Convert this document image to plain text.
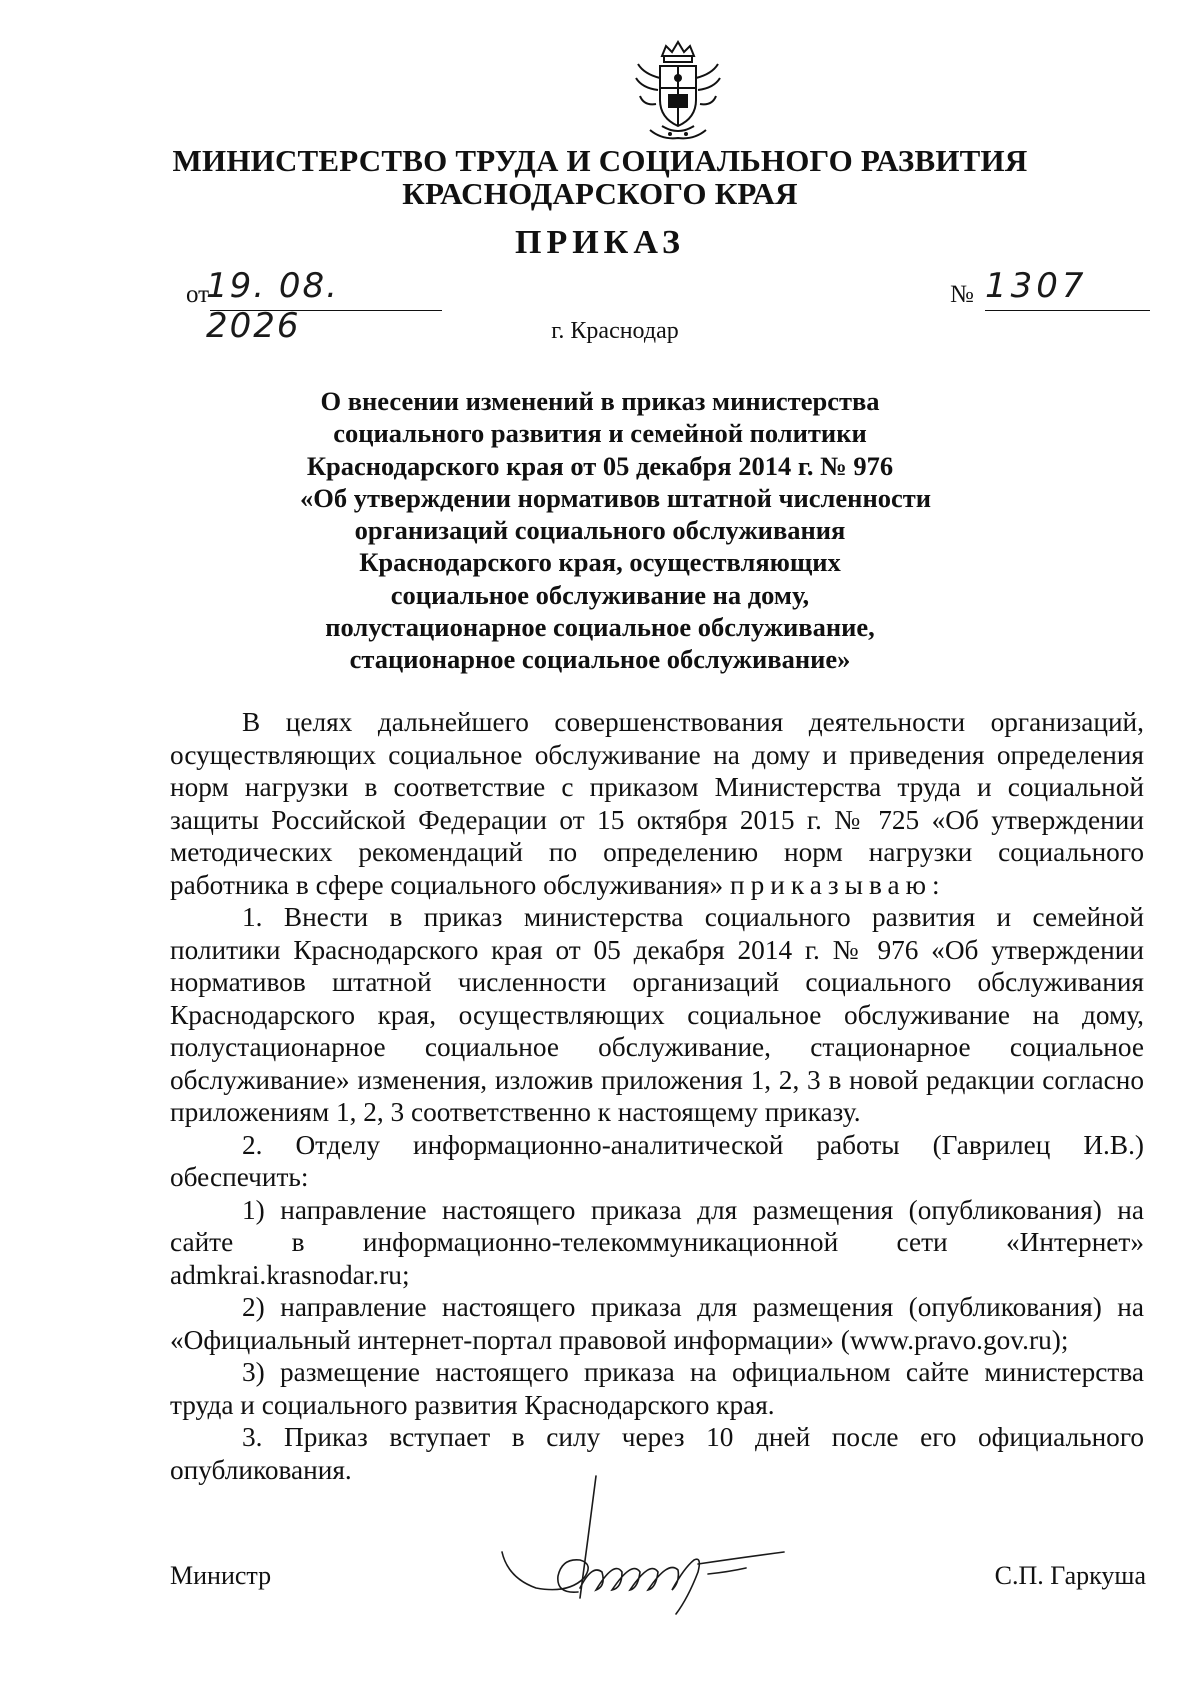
МИНИСТЕРСТВО ТРУДА И СОЦИАЛЬНОГО РАЗВИТИЯ
КРАСНОДАРСКОГО КРАЯ
ПРИКАЗ
от
19. 08. 2026
№ 1307
г. Краснодар
О внесении изменений в приказ министерства
социального развития и семейной политики
Краснодарского края от 05 декабря 2014 г. № 976
«Об утверждении нормативов штатной численности
организаций социального обслуживания
Краснодарского края, осуществляющих
социальное обслуживание на дому,
полустационарное социальное обслуживание,
стационарное социальное обслуживание»

В целях дальнейшего совершенствования деятельности организаций, осуществляющих социальное обслуживание на дому и приведения определения норм нагрузки в соответствие с приказом Министерства труда и социальной защиты Российской Федерации от 15 октября 2015 г. № 725 «Об утверждении методических рекомендаций по определению норм нагрузки социального работника в сфере социального обслуживания» приказываю:

1. Внести в приказ министерства социального развития и семейной политики Краснодарского края от 05 декабря 2014 г. № 976 «Об утверждении нормативов штатной численности организаций социального обслуживания Краснодарского края, осуществляющих социальное обслуживание на дому, полустационарное социальное обслуживание, стационарное социальное обслуживание» изменения, изложив приложения 1, 2, 3 в новой редакции согласно приложениям 1, 2, 3 соответственно к настоящему приказу.

2. Отделу информационно-аналитической работы (Гаврилец И.В.) обеспечить:

1) направление настоящего приказа для размещения (опубликования) на сайте в информационно-телекоммуникационной сети «Интернет» admkrai.krasnodar.ru;

2) направление настоящего приказа для размещения (опубликования) на «Официальный интернет-портал правовой информации» (www.pravo.gov.ru);

3) размещение настоящего приказа на официальном сайте министерства труда и социального развития Краснодарского края.

3. Приказ вступает в силу через 10 дней после его официального опубликования.

Министр	С.П. Гаркуша
